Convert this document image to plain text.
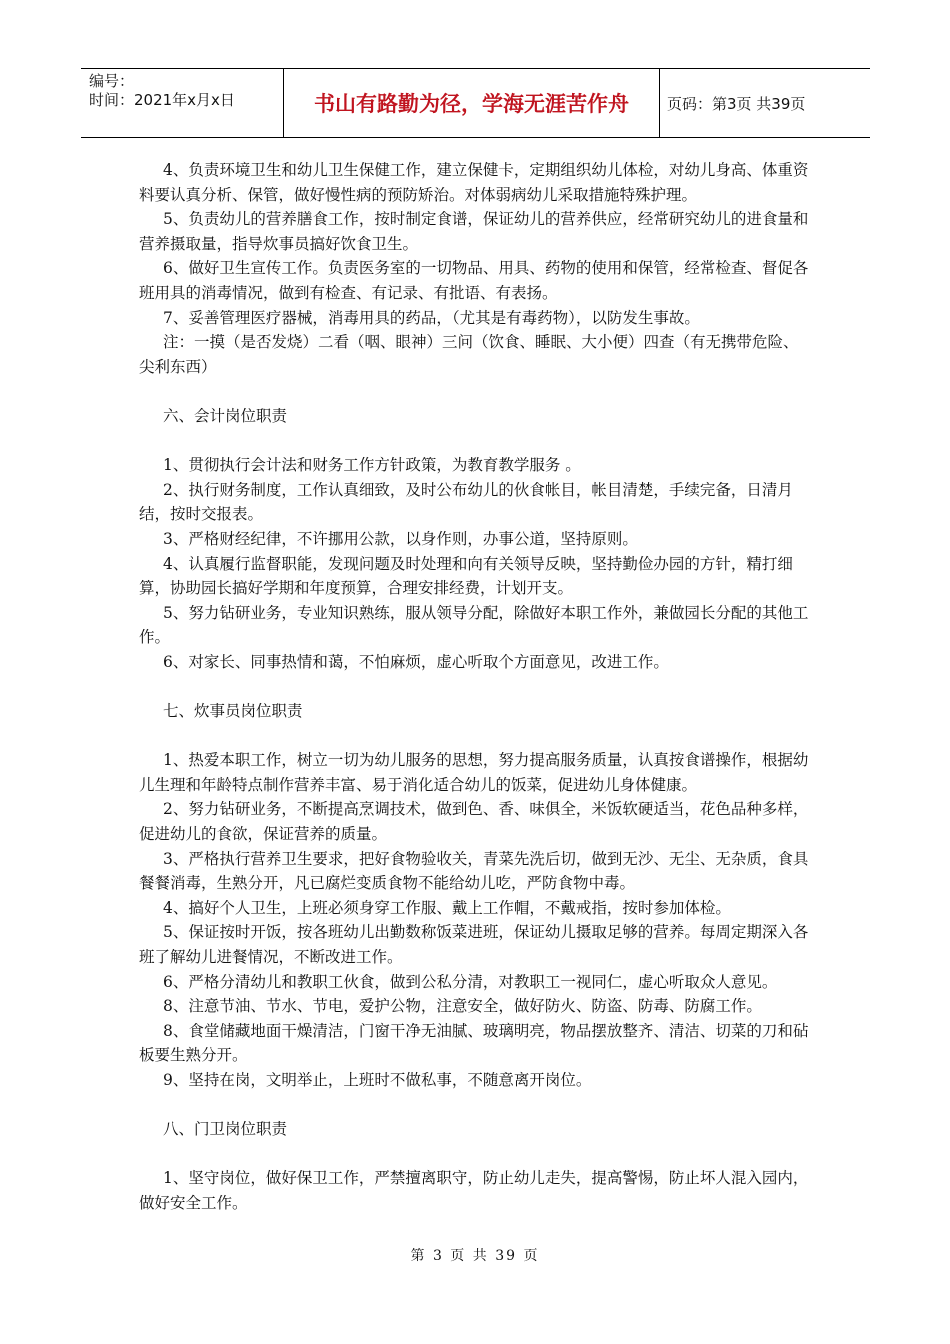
编号：
时间：2021年x月x日	书山有路勤为径，学海无涯苦作舟	页码：第3页 共39页

4、负责环境卫生和幼儿卫生保健工作，建立保健卡，定期组织幼儿体检，对幼儿身高、体重资料要认真分析、保管，做好慢性病的预防矫治。对体弱病幼儿采取措施特殊护理。

5、负责幼儿的营养膳食工作，按时制定食谱，保证幼儿的营养供应，经常研究幼儿的进食量和营养摄取量，指导炊事员搞好饮食卫生。

6、做好卫生宣传工作。负责医务室的一切物品、用具、药物的使用和保管，经常检查、督促各班用具的消毒情况，做到有检查、有记录、有批语、有表扬。

7、妥善管理医疗器械，消毒用具的药品，（尤其是有毒药物），以防发生事故。

注：一摸（是否发烧）二看（咽、眼神）三问（饮食、睡眠、大小便）四查（有无携带危险、尖利东西）

六、会计岗位职责

1、贯彻执行会计法和财务工作方针政策，为教育教学服务 。

2、执行财务制度，工作认真细致，及时公布幼儿的伙食帐目，帐目清楚，手续完备，日清月结，按时交报表。

3、严格财经纪律，不许挪用公款，以身作则，办事公道，坚持原则。

4、认真履行监督职能，发现问题及时处理和向有关领导反映，坚持勤俭办园的方针，精打细算，协助园长搞好学期和年度预算，合理安排经费，计划开支。

5、努力钻研业务，专业知识熟练，服从领导分配，除做好本职工作外，兼做园长分配的其他工作。

6、对家长、同事热情和蔼，不怕麻烦，虚心听取个方面意见，改进工作。

七、炊事员岗位职责

1、热爱本职工作，树立一切为幼儿服务的思想，努力提高服务质量，认真按食谱操作，根据幼儿生理和年龄特点制作营养丰富、易于消化适合幼儿的饭菜，促进幼儿身体健康。

2、努力钻研业务，不断提高烹调技术，做到色、香、味俱全，米饭软硬适当，花色品种多样，促进幼儿的食欲，保证营养的质量。

3、严格执行营养卫生要求，把好食物验收关，青菜先洗后切，做到无沙、无尘、无杂质，食具餐餐消毒，生熟分开，凡已腐烂变质食物不能给幼儿吃，严防食物中毒。

4、搞好个人卫生，上班必须身穿工作服、戴上工作帽，不戴戒指，按时参加体检。

5、保证按时开饭，按各班幼儿出勤数称饭菜进班，保证幼儿摄取足够的营养。每周定期深入各班了解幼儿进餐情况，不断改进工作。

6、严格分清幼儿和教职工伙食，做到公私分清，对教职工一视同仁，虚心听取众人意见。

8、注意节油、节水、节电，爱护公物，注意安全，做好防火、防盗、防毒、防腐工作。

8、食堂储藏地面干燥清洁，门窗干净无油腻、玻璃明亮，物品摆放整齐、清洁、切菜的刀和砧板要生熟分开。

9、坚持在岗，文明举止，上班时不做私事，不随意离开岗位。

八、门卫岗位职责

1、坚守岗位，做好保卫工作，严禁擅离职守，防止幼儿走失，提高警惕，防止坏人混入园内，做好安全工作。

第 3 页 共 39 页
